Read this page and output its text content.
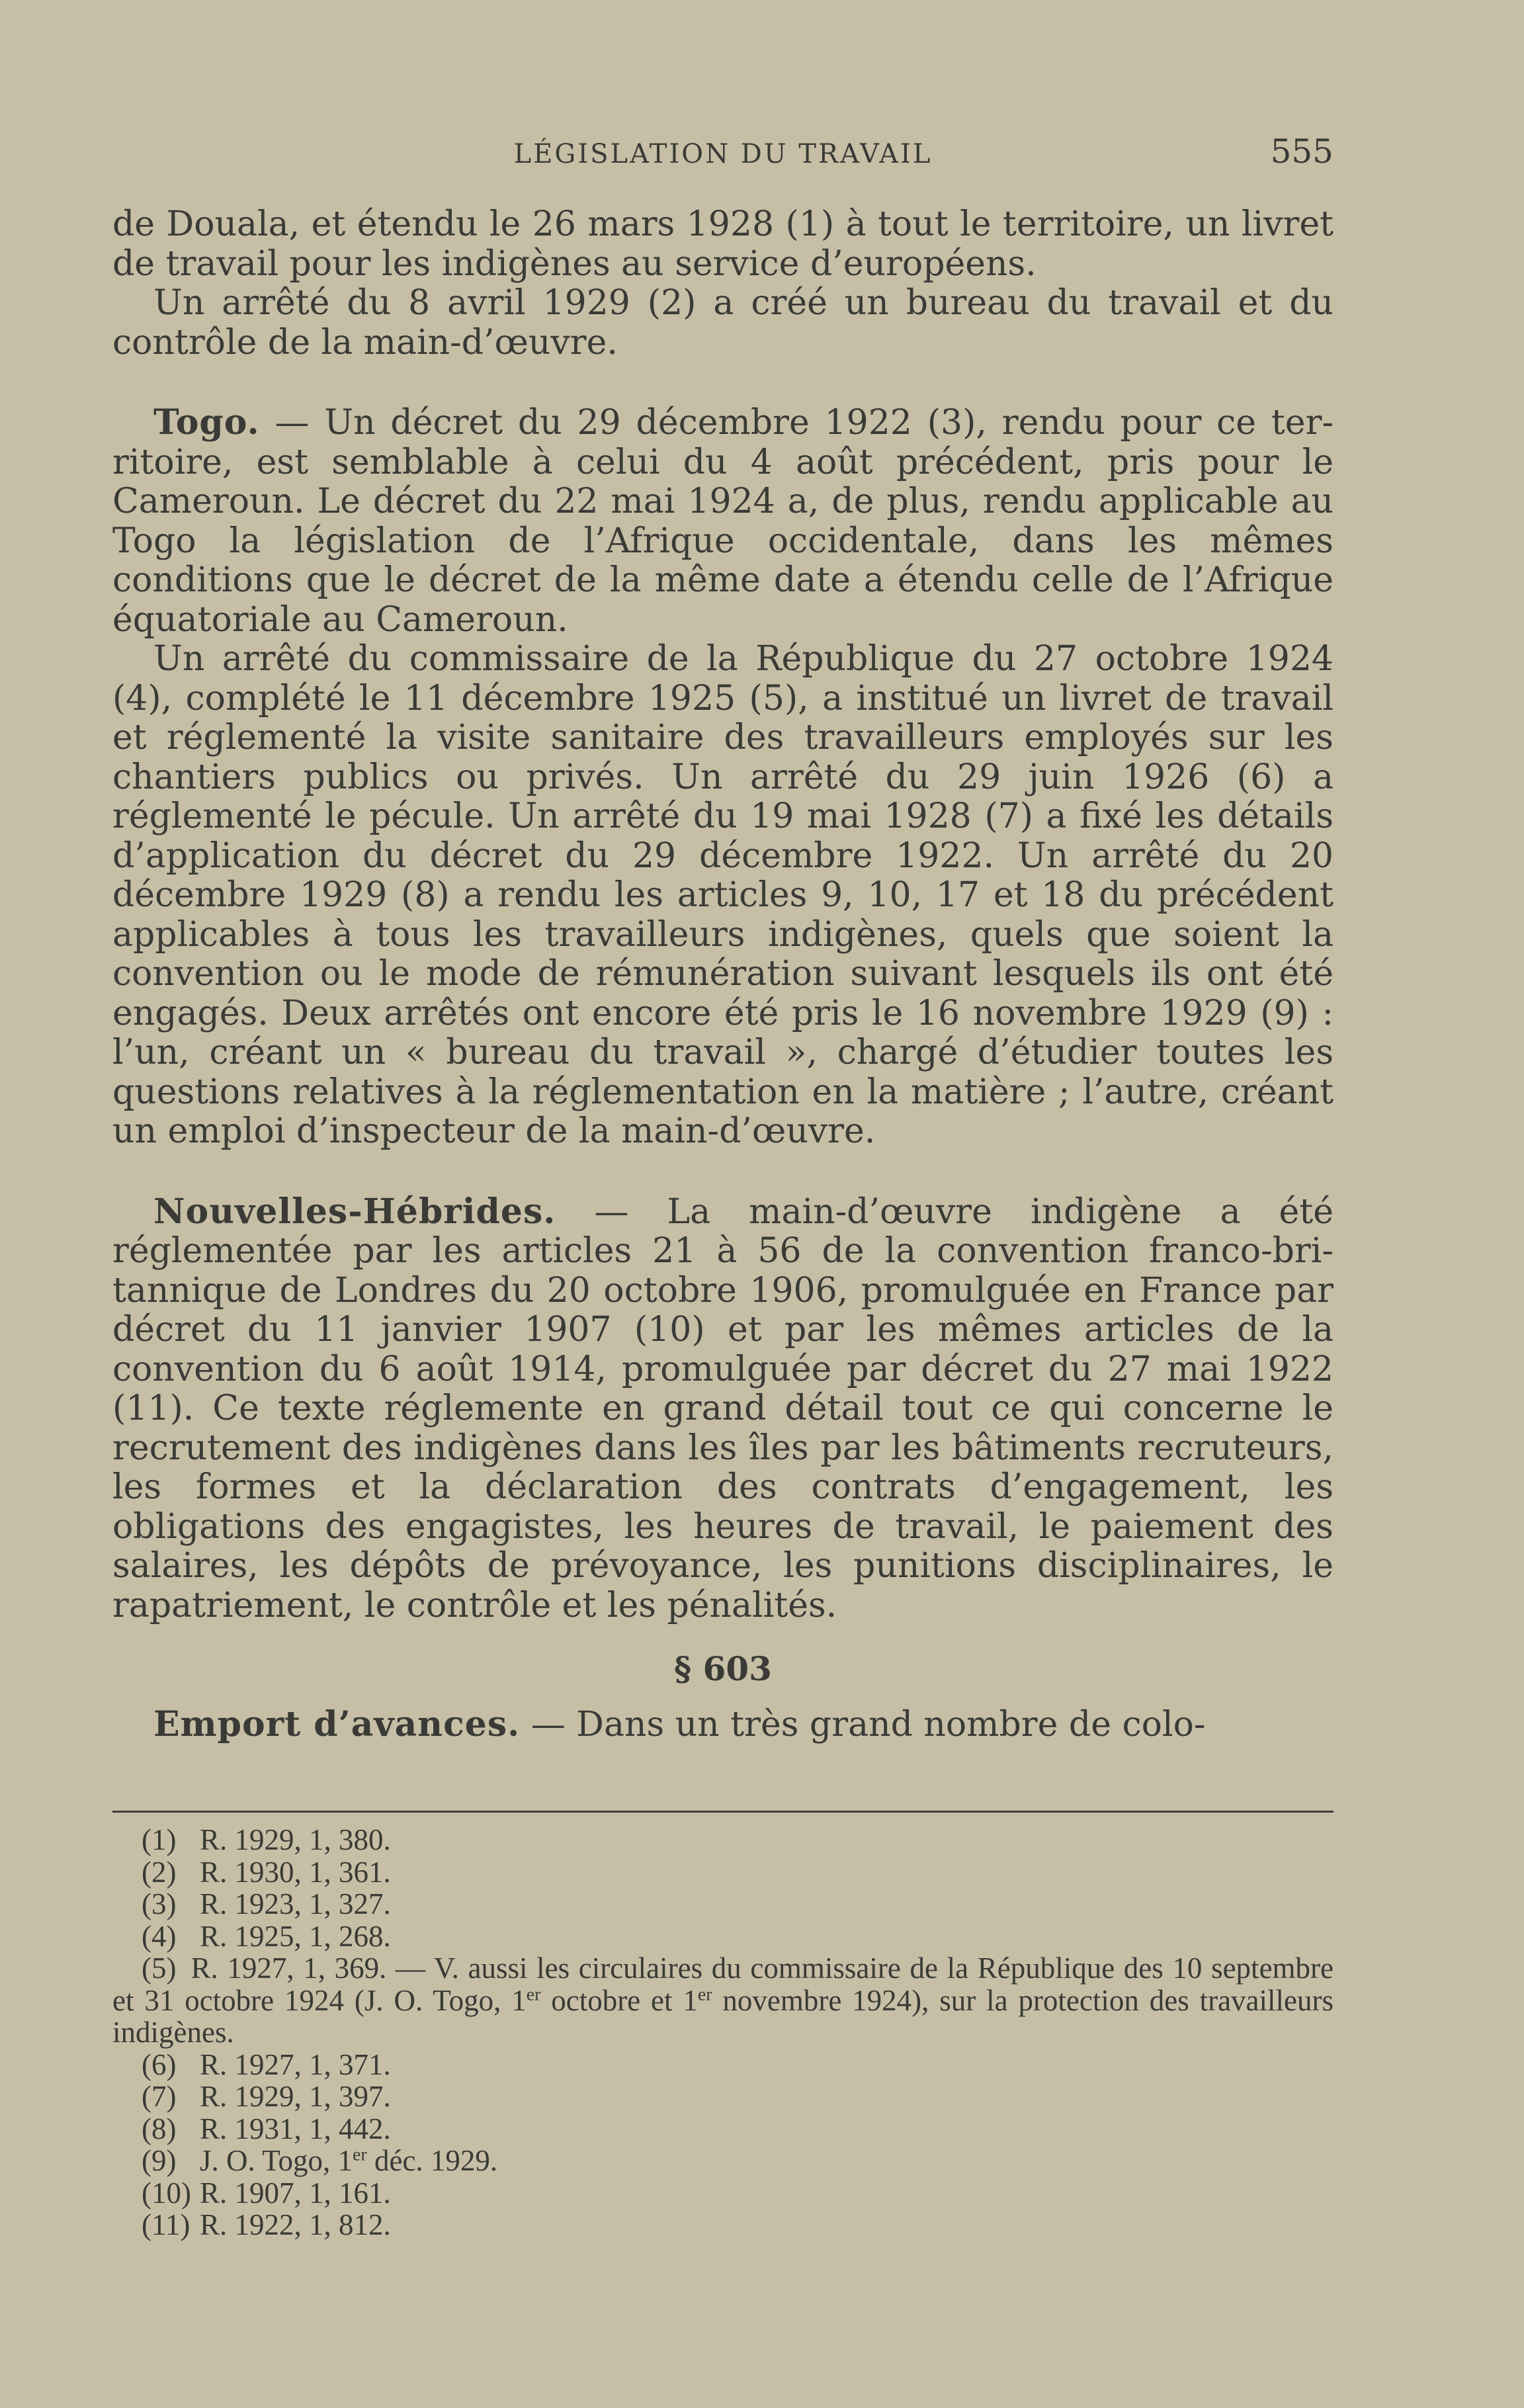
LÉGISLATION DU TRAVAIL	555

de Douala, et étendu le 26 mars 1928 (1) à tout le territoire, un livret de travail pour les indigènes au service d’européens.

Un arrêté du 8 avril 1929 (2) a créé un bureau du travail et du contrôle de la main-d’œuvre.

Togo. — Un décret du 29 décembre 1922 (3), rendu pour ce territoire, est semblable à celui du 4 août précédent, pris pour le Cameroun. Le décret du 22 mai 1924 a, de plus, rendu applicable au Togo la législation de l’Afrique occidentale, dans les mêmes conditions que le décret de la même date a étendu celle de l’Afrique équatoriale au Cameroun.

Un arrêté du commissaire de la République du 27 octobre 1924 (4), complété le 11 décembre 1925 (5), a institué un livret de travail et réglementé la visite sanitaire des travailleurs employés sur les chantiers publics ou privés. Un arrêté du 29 juin 1926 (6) a réglementé le pécule. Un arrêté du 19 mai 1928 (7) a fixé les détails d’application du décret du 29 décembre 1922. Un arrêté du 20 décembre 1929 (8) a rendu les articles 9, 10, 17 et 18 du précédent applicables à tous les travailleurs indigènes, quels que soient la convention ou le mode de rémunération suivant lesquels ils ont été engagés. Deux arrêtés ont encore été pris le 16 novembre 1929 (9) : l’un, créant un « bureau du travail », chargé d’étudier toutes les questions relatives à la réglementation en la matière ; l’autre, créant un emploi d’inspecteur de la main-d’œuvre.

Nouvelles-Hébrides. — La main-d’œuvre indigène a été réglementée par les articles 21 à 56 de la convention franco-britannique de Londres du 20 octobre 1906, promulguée en France par décret du 11 janvier 1907 (10) et par les mêmes articles de la convention du 6 août 1914, promulguée par décret du 27 mai 1922 (11). Ce texte réglemente en grand détail tout ce qui concerne le recrutement des indigènes dans les îles par les bâtiments recruteurs, les formes et la déclaration des contrats d’engagement, les obligations des engagistes, les heures de travail, le paiement des salaires, les dépôts de prévoyance, les punitions disciplinaires, le rapatriement, le contrôle et les pénalités.

§ 603

Emport d’avances. — Dans un très grand nombre de colo-

(1) R. 1929, 1, 380.

(2) R. 1930, 1, 361.

(3) R. 1923, 1, 327.

(4) R. 1925, 1, 268.

(5) R. 1927, 1, 369. — V. aussi les circulaires du commissaire de la République des 10 septembre et 31 octobre 1924 (J. O. Togo, 1er octobre et 1er novembre 1924), sur la protection des travailleurs indigènes.

(6) R. 1927, 1, 371.

(7) R. 1929, 1, 397.

(8) R. 1931, 1, 442.

(9) J. O. Togo, 1er déc. 1929.

(10) R. 1907, 1, 161.

(11) R. 1922, 1, 812.
